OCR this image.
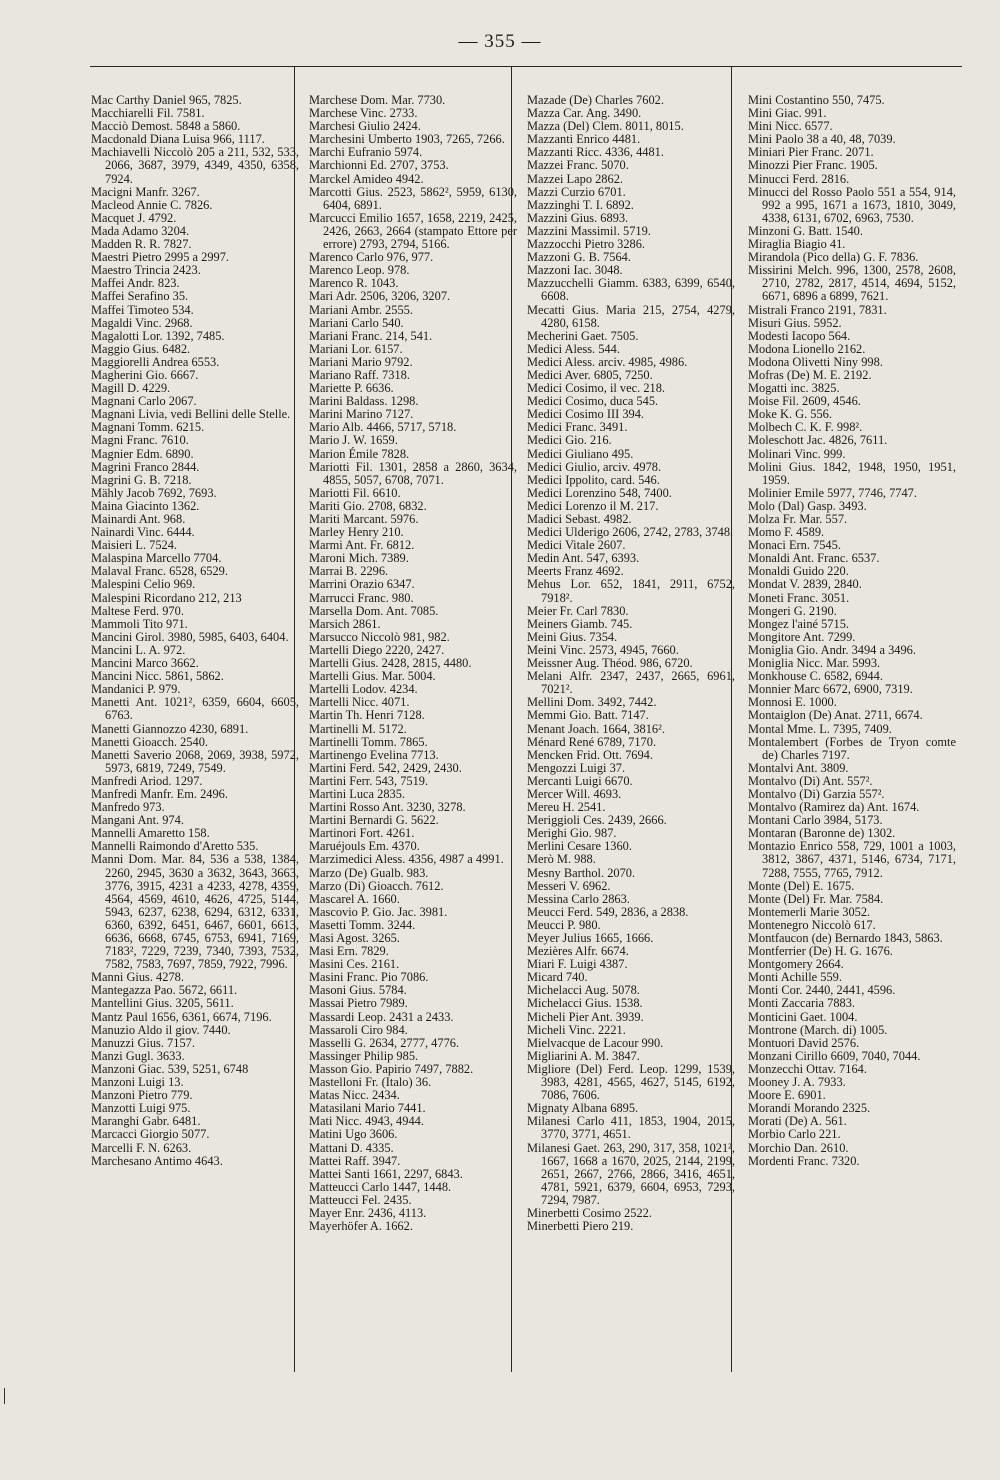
— 355 —
Mac Carthy Daniel 965, 7825.
Macchiarelli Fil. 7581.
Macciò Demost. 5848 a 5860.
Macdonald Diana Luisa 966, 1117.
Machiavelli Niccolò 205 a 211, 532, 533, 2066, 3687, 3979, 4349, 4350, 6358, 7924.
Macigni Manfr. 3267.
Macleod Annie C. 7826.
Macquet J. 4792.
Mada Adamo 3204.
Madden R. R. 7827.
Maestri Pietro 2995 a 2997.
Maestro Trincia 2423.
Maffei Andr. 823.
Maffei Serafino 35.
Maffei Timoteo 534.
Magaldi Vinc. 2968.
Magalotti Lor. 1392, 7485.
Maggio Gius. 6482.
Maggiorelli Andrea 6553.
Magherini Gio. 6667.
Magill D. 4229.
Magnani Carlo 2067.
Magnani Livia, vedi Bellini delle Stelle.
Magnani Tomm. 6215.
Magni Franc. 7610.
Magnier Edm. 6890.
Magrini Franco 2844.
Magrini G. B. 7218.
Mähly Jacob 7692, 7693.
Maina Giacinto 1362.
Mainardi Ant. 968.
Nainardi Vinc. 6444.
Maisieri L. 7524.
Malaspina Marcello 7704.
Malaval Franc. 6528, 6529.
Malespini Celio 969.
Malespini Ricordano 212, 213
Maltese Ferd. 970.
Mammoli Tito 971.
Mancini Girol. 3980, 5985, 6403, 6404.
Mancini L. A. 972.
Mancini Marco 3662.
Mancini Nicc. 5861, 5862.
Mandanici P. 979.
Manetti Ant. 1021², 6359, 6604, 6605, 6763.
Manetti Giannozzo 4230, 6891.
Manetti Gioacch. 2540.
Manetti Saverio 2068, 2069, 3938, 5972, 5973, 6819, 7249, 7549.
Manfredi Ariod. 1297.
Manfredi Manfr. Em. 2496.
Manfredo 973.
Mangani Ant. 974.
Mannelli Amaretto 158.
Mannelli Raimondo d'Aretto 535.
Manni Dom. Mar. 84, 536 a 538, 1384, 2260, 2945, 3630 a 3632, 3643, 3663, 3776, 3915, 4231 a 4233, 4278, 4359, 4564, 4569, 4610, 4626, 4725, 5144, 5943, 6237, 6238, 6294, 6312, 6331, 6360, 6392, 6451, 6467, 6601, 6613, 6636, 6668, 6745, 6753, 6941, 7169, 7183², 7229, 7239, 7340, 7393, 7532, 7582, 7583, 7697, 7859, 7922, 7996.
Manni Gius. 4278.
Mantegazza Pao. 5672, 6611.
Mantellini Gius. 3205, 5611.
Mantz Paul 1656, 6361, 6674, 7196.
Manuzio Aldo il giov. 7440.
Manuzzi Gius. 7157.
Manzi Gugl. 3633.
Manzoni Giac. 539, 5251, 6748
Manzoni Luigi 13.
Manzoni Pietro 779.
Manzotti Luigi 975.
Maranghi Gabr. 6481.
Marcacci Giorgio 5077.
Marcelli F. N. 6263.
Marchesano Antimo 4643.
Marchese Dom. Mar. 7730.
Marchese Vinc. 2733.
Marchesi Giulio 2424.
Marchesini Umberto 1903, 7265, 7266.
Marchi Eufranio 5974.
Marchionni Ed. 2707, 3753.
Marckel Amideo 4942.
Marcotti Gius. 2523, 5862², 5959, 6130, 6404, 6891.
Marcucci Emilio 1657, 1658, 2219, 2425, 2426, 2663, 2664 (stampato Ettore per errore) 2793, 2794, 5166.
Marenco Carlo 976, 977.
Marenco Leop. 978.
Marenco R. 1043.
Mari Adr. 2506, 3206, 3207.
Mariani Ambr. 2555.
Mariani Carlo 540.
Mariani Franc. 214, 541.
Mariani Lor. 6157.
Mariani Mario 9792.
Mariano Raff. 7318.
Mariette P. 6636.
Marini Baldass. 1298.
Marini Marino 7127.
Mario Alb. 4466, 5717, 5718.
Mario J. W. 1659.
Marion Émile 7828.
Mariotti Fil. 1301, 2858 a 2860, 3634, 4855, 5057, 6708, 7071.
Mariotti Fil. 6610.
Mariti Gio. 2708, 6832.
Mariti Marcant. 5976.
Marley Henry 210.
Marmi Ant. Fr. 6812.
Maroni Mich. 7389.
Marrai B. 2296.
Marrini Orazio 6347.
Marrucci Franc. 980.
Marsella Dom. Ant. 7085.
Marsich 2861.
Marsucco Niccolò 981, 982.
Martelli Diego 2220, 2427.
Martelli Gius. 2428, 2815, 4480.
Martelli Gius. Mar. 5004.
Martelli Lodov. 4234.
Martelli Nicc. 4071.
Martin Th. Henri 7128.
Martinelli M. 5172.
Martinelli Tomm. 7865.
Martinengo Evelina 7713.
Martini Ferd. 542, 2429, 2430.
Martini Ferr. 543, 7519.
Martini Luca 2835.
Martini Rosso Ant. 3230, 3278.
Martini Bernardi G. 5622.
Martinori Fort. 4261.
Maruéjouls Em. 4370.
Marzimedici Aless. 4356, 4987 a 4991.
Marzo (De) Gualb. 983.
Marzo (Di) Gioacch. 7612.
Mascarel A. 1660.
Mascovio P. Gio. Jac. 3981.
Masetti Tomm. 3244.
Masi Agost. 3265.
Masi Ern. 7829.
Masini Ces. 2161.
Masini Franc. Pio 7086.
Masoni Gius. 5784.
Massai Pietro 7989.
Massardi Leop. 2431 a 2433.
Massaroli Ciro 984.
Masselli G. 2634, 2777, 4776.
Massinger Philip 985.
Masson Gio. Papirio 7497, 7882.
Mastelloni Fr. (Italo) 36.
Matas Nicc. 2434.
Matasilani Mario 7441.
Mati Nicc. 4943, 4944.
Matini Ugo 3606.
Mattani D. 4335.
Mattei Raff. 3947.
Mattei Santi 1661, 2297, 6843.
Matteucci Carlo 1447, 1448.
Matteucci Fel. 2435.
Mayer Enr. 2436, 4113.
Mayerhöfer A. 1662.
Mazade (De) Charles 7602.
Mazza Car. Ang. 3490.
Mazza (Del) Clem. 8011, 8015.
Mazzanti Enrico 4481.
Mazzanti Ricc. 4336, 4481.
Mazzei Franc. 5070.
Mazzei Lapo 2862.
Mazzi Curzio 6701.
Mazzinghi T. I. 6892.
Mazzini Gius. 6893.
Mazzini Massimil. 5719.
Mazzocchi Pietro 3286.
Mazzoni G. B. 7564.
Mazzoni Iac. 3048.
Mazzucchelli Giamm. 6383, 6399, 6540, 6608.
Mecatti Gius. Maria 215, 2754, 4279, 4280, 6158.
Mecherini Gaet. 7505.
Medici Aless. 544.
Medici Aless. arciv. 4985, 4986.
Medici Aver. 6805, 7250.
Medici Cosimo, il vec. 218.
Medici Cosimo, duca 545.
Medici Cosimo III 394.
Medici Franc. 3491.
Medici Gio. 216.
Medici Giuliano 495.
Medici Giulio, arciv. 4978.
Medici Ippolito, card. 546.
Medici Lorenzino 548, 7400.
Medici Lorenzo il M. 217.
Madici Sebast. 4982.
Medici Ulderigo 2606, 2742, 2783, 3748.
Medici Vitale 2607.
Medin Ant. 547, 6393.
Meerts Franz 4692.
Mehus Lor. 652, 1841, 2911, 6752, 7918².
Meier Fr. Carl 7830.
Meiners Giamb. 745.
Meini Gius. 7354.
Meini Vinc. 2573, 4945, 7660.
Meissner Aug. Théod. 986, 6720.
Melani Alfr. 2347, 2437, 2665, 6961, 7021².
Mellini Dom. 3492, 7442.
Memmi Gio. Batt. 7147.
Menant Joach. 1664, 3816².
Ménard René 6789, 7170.
Mencken Frid. Ott. 7694.
Mengozzi Luigi 37.
Mercanti Luigi 6670.
Mercer Will. 4693.
Mereu H. 2541.
Meriggioli Ces. 2439, 2666.
Merighi Gio. 987.
Merlini Cesare 1360.
Merò M. 988.
Mesny Barthol. 2070.
Messeri V. 6962.
Messina Carlo 2863.
Meucci Ferd. 549, 2836, a 2838.
Meucci P. 980.
Meyer Julius 1665, 1666.
Mezières Alfr. 6674.
Miari F. Luigi 4387.
Micard 740.
Michelacci Aug. 5078.
Michelacci Gius. 1538.
Micheli Pier Ant. 3939.
Micheli Vinc. 2221.
Mielvacque de Lacour 990.
Migliarini A. M. 3847.
Migliore (Del) Ferd. Leop. 1299, 1539, 3983, 4281, 4565, 4627, 5145, 6192, 7086, 7606.
Mignaty Albana 6895.
Milanesi Carlo 411, 1853, 1904, 2015, 3770, 3771, 4651.
Milanesi Gaet. 263, 290, 317, 358, 1021², 1667, 1668 a 1670, 2025, 2144, 2199, 2651, 2667, 2766, 2866, 3416, 4651, 4781, 5921, 6379, 6604, 6953, 7293, 7294, 7987.
Minerbetti Cosimo 2522.
Minerbetti Piero 219.
Mini Costantino 550, 7475.
Mini Giac. 991.
Mini Nicc. 6577.
Mini Paolo 38 a 40, 48, 7039.
Miniari Pier Franc. 2071.
Minozzi Pier Franc. 1905.
Minucci Ferd. 2816.
Minucci del Rosso Paolo 551 a 554, 914, 992 a 995, 1671 a 1673, 1810, 3049, 4338, 6131, 6702, 6963, 7530.
Minzoni G. Batt. 1540.
Miraglia Biagio 41.
Mirandola (Pico della) G. F. 7836.
Missirini Melch. 996, 1300, 2578, 2608, 2710, 2782, 2817, 4514, 4694, 5152, 6671, 6896 a 6899, 7621.
Mistrali Franco 2191, 7831.
Misuri Gius. 5952.
Modesti Iacopo 564.
Modona Lionello 2162.
Modona Olivetti Niny 998.
Mofras (De) M. E. 2192.
Mogatti inc. 3825.
Moise Fil. 2609, 4546.
Moke K. G. 556.
Molbech C. K. F. 998².
Moleschott Jac. 4826, 7611.
Molinari Vinc. 999.
Molini Gius. 1842, 1948, 1950, 1951, 1959.
Molinier Emile 5977, 7746, 7747.
Molo (Dal) Gasp. 3493.
Molza Fr. Mar. 557.
Momo F. 4589.
Monaci Ern. 7545.
Monaldi Ant. Franc. 6537.
Monaldi Guido 220.
Mondat V. 2839, 2840.
Moneti Franc. 3051.
Mongeri G. 2190.
Mongez l'ainé 5715.
Mongitore Ant. 7299.
Moniglia Gio. Andr. 3494 a 3496.
Moniglia Nicc. Mar. 5993.
Monkhouse C. 6582, 6944.
Monnier Marc 6672, 6900, 7319.
Monnosi E. 1000.
Montaiglon (De) Anat. 2711, 6674.
Montal Mme. L. 7395, 7409.
Montalembert (Forbes de Tryon comte de) Charles 7197.
Montalvi Ant. 3809.
Montalvo (Di) Ant. 557².
Montalvo (Di) Garzia 557².
Montalvo (Ramirez da) Ant. 1674.
Montani Carlo 3984, 5173.
Montaran (Baronne de) 1302.
Montazio Enrico 558, 729, 1001 a 1003, 3812, 3867, 4371, 5146, 6734, 7171, 7288, 7555, 7765, 7912.
Monte (Del) E. 1675.
Monte (Del) Fr. Mar. 7584.
Montemerli Marie 3052.
Montenegro Niccolò 617.
Montfaucon (de) Bernardo 1843, 5863.
Montferrier (De) H. G. 1676.
Montgomery 2664.
Monti Achille 559.
Monti Cor. 2440, 2441, 4596.
Monti Zaccaria 7883.
Monticini Gaet. 1004.
Montrone (March. di) 1005.
Montuori David 2576.
Monzani Cirillo 6609, 7040, 7044.
Monzecchi Ottav. 7164.
Mooney J. A. 7933.
Moore E. 6901.
Morandi Morando 2325.
Morati (De) A. 561.
Morbio Carlo 221.
Morchio Dan. 2610.
Mordenti Franc. 7320.
